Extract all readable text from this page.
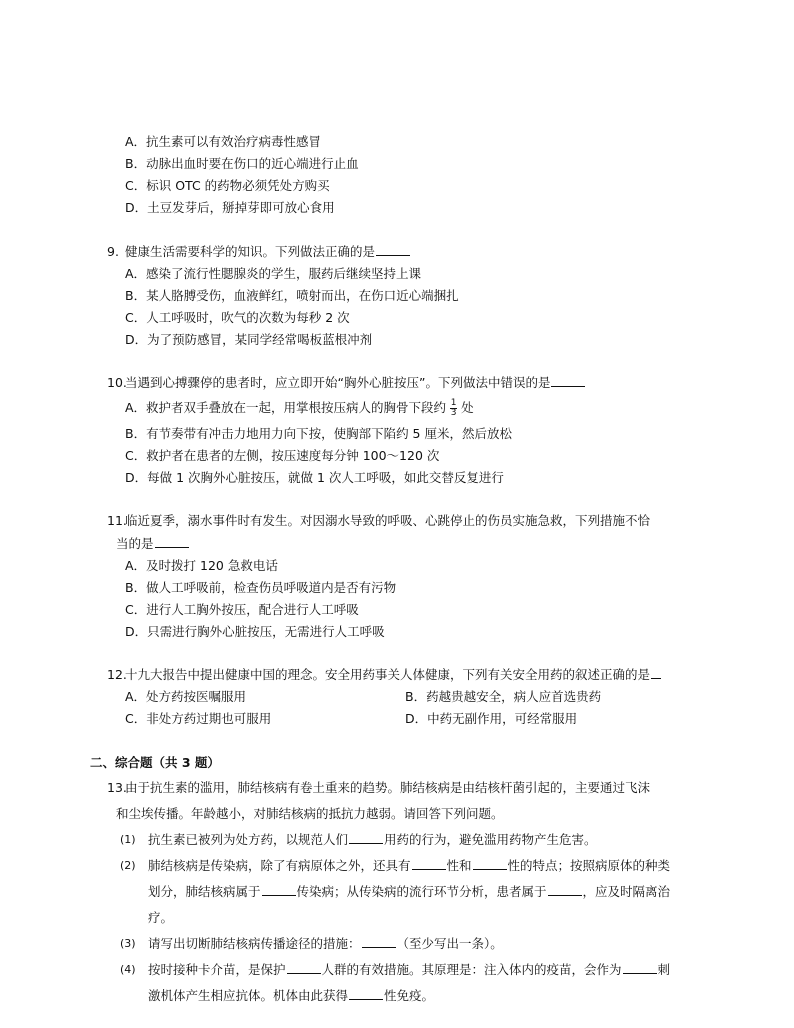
A．抗生素可以有效治疗病毒性感冒
B．动脉出血时要在伤口的近心端进行止血
C．标识 OTC 的药物必须凭处方购买
D．土豆发芽后，掰掉芽即可放心食用
9. 健康生活需要科学的知识。下列做法正确的是
A．感染了流行性腮腺炎的学生，服药后继续坚持上课
B．某人胳膊受伤，血液鲜红，喷射而出，在伤口近心端捆扎
C．人工呼吸时，吹气的次数为每秒 2 次
D．为了预防感冒，某同学经常喝板蓝根冲剂
10.
当遇到心搏骤停的患者时，应立即开始“胸外心脏按压”。下列做法中错误的是
A．救护者双手叠放在一起，用掌根按压病人的胸骨下段约 $\frac{1}{3}$ 处
B．有节奏带有冲击力地用力向下按，使胸部下陷约 5 厘米，然后放松
C．救护者在患者的左侧，按压速度每分钟 100～120 次
D．每做 1 次胸外心脏按压，就做 1 次人工呼吸，如此交替反复进行
11.
临近夏季，溺水事件时有发生。对因溺水导致的呼吸、心跳停止的伤员实施急救，下列措施不恰
当的是
A．及时拨打 120 急救电话
B．做人工呼吸前，检查伤员呼吸道内是否有污物
C．进行人工胸外按压，配合进行人工呼吸
D．只需进行胸外心脏按压，无需进行人工呼吸
12.
十九大报告中提出健康中国的理念。安全用药事关人体健康，下列有关安全用药的叙述正确的是
A．处方药按医嘱服用	B．药越贵越安全，病人应首选贵药
C．非处方药过期也可服用	D．中药无副作用，可经常服用
二、综合题（共 3 题）
13.
由于抗生素的滥用，肺结核病有卷土重来的趋势。肺结核病是由结核杆菌引起的，主要通过飞沫
和尘埃传播。年龄越小，对肺结核病的抵抗力越弱。请回答下列问题。
(1) 抗生素已被列为处方药，以规范人们	用药的行为，避免滥用药物产生危害。
(2) 肺结核病是传染病，除了有病原体之外，还具有	性和	性的特点；按照病原体的种类
划分，肺结核病属于	传染病；从传染病的流行环节分析，患者属于	，应及时隔离治
疗。
(3) 请写出切断肺结核病传播途径的措施：	（至少写出一条）。
(4) 按时接种卡介苗，是保护	人群的有效措施。其原理是：注入体内的疫苗，会作为	刺
激机体产生相应抗体。机体由此获得	性免疫。
